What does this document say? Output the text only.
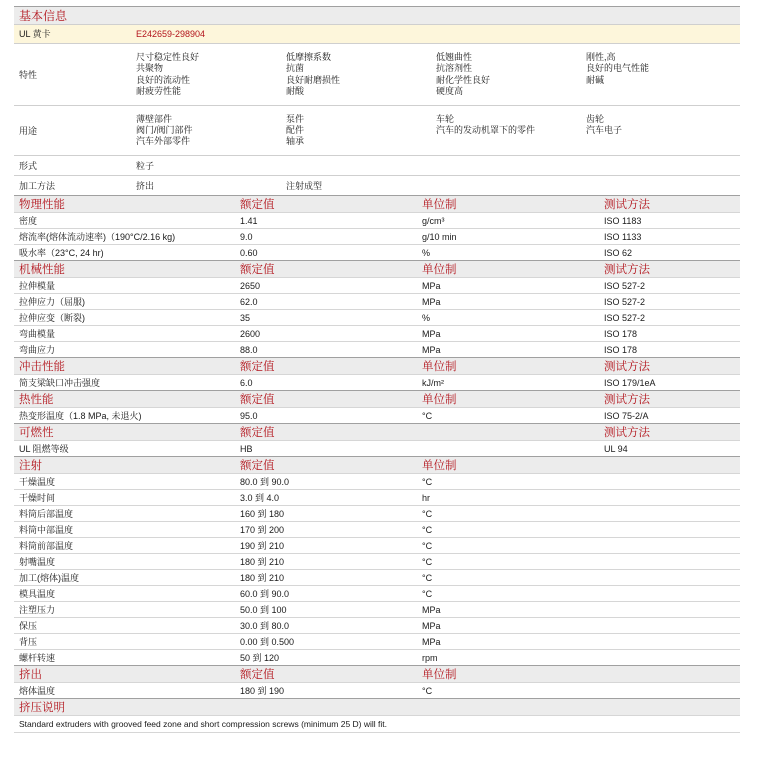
基本信息
UL 黄卡	E242659-298904
特性
尺寸稳定性良好	低摩擦系数	低翘曲性	刚性,高
共聚物	抗菌	抗溶剂性	良好的电气性能
良好的流动性	良好耐磨损性	耐化学性良好	耐碱
耐疲劳性能	耐酸	硬度高
用途
薄壁部件	泵件	车轮	齿轮
阀门/阀门部件	配件	汽车的发动机罩下的零件	汽车电子
汽车外部零件	轴承
形式	粒子
加工方法	挤出	注射成型
物理性能	额定值	单位制	测试方法
密度	1.41	g/cm³	ISO 1183
熔流率(熔体流动速率)（190°C/2.16 kg)	9.0	g/10 min	ISO 1133
吸水率（23°C, 24 hr)	0.60	%	ISO 62
机械性能	额定值	单位制	测试方法
拉伸模量	2650	MPa	ISO 527-2
拉伸应力（屈服)	62.0	MPa	ISO 527-2
拉伸应变（断裂)	35	%	ISO 527-2
弯曲模量	2600	MPa	ISO 178
弯曲应力	88.0	MPa	ISO 178
冲击性能	额定值	单位制	测试方法
简支梁缺口冲击强度	6.0	kJ/m²	ISO 179/1eA
热性能	额定值	单位制	测试方法
热变形温度（1.8 MPa, 未退火)	95.0	°C	ISO 75-2/A
可燃性	额定值	测试方法
UL 阻燃等级	HB	UL 94
注射	额定值	单位制
干燥温度	80.0 到 90.0	°C
干燥时间	3.0 到 4.0	hr
料筒后部温度	160 到 180	°C
料筒中部温度	170 到 200	°C
料筒前部温度	190 到 210	°C
射嘴温度	180 到 210	°C
加工(熔体)温度	180 到 210	°C
模具温度	60.0 到 90.0	°C
注塑压力	50.0 到 100	MPa
保压	30.0 到 80.0	MPa
背压	0.00 到 0.500	MPa
螺杆转速	50 到 120	rpm
挤出	额定值	单位制
熔体温度	180 到 190	°C
挤压说明
Standard extruders with grooved feed zone and short compression screws (minimum 25 D) will fit.
